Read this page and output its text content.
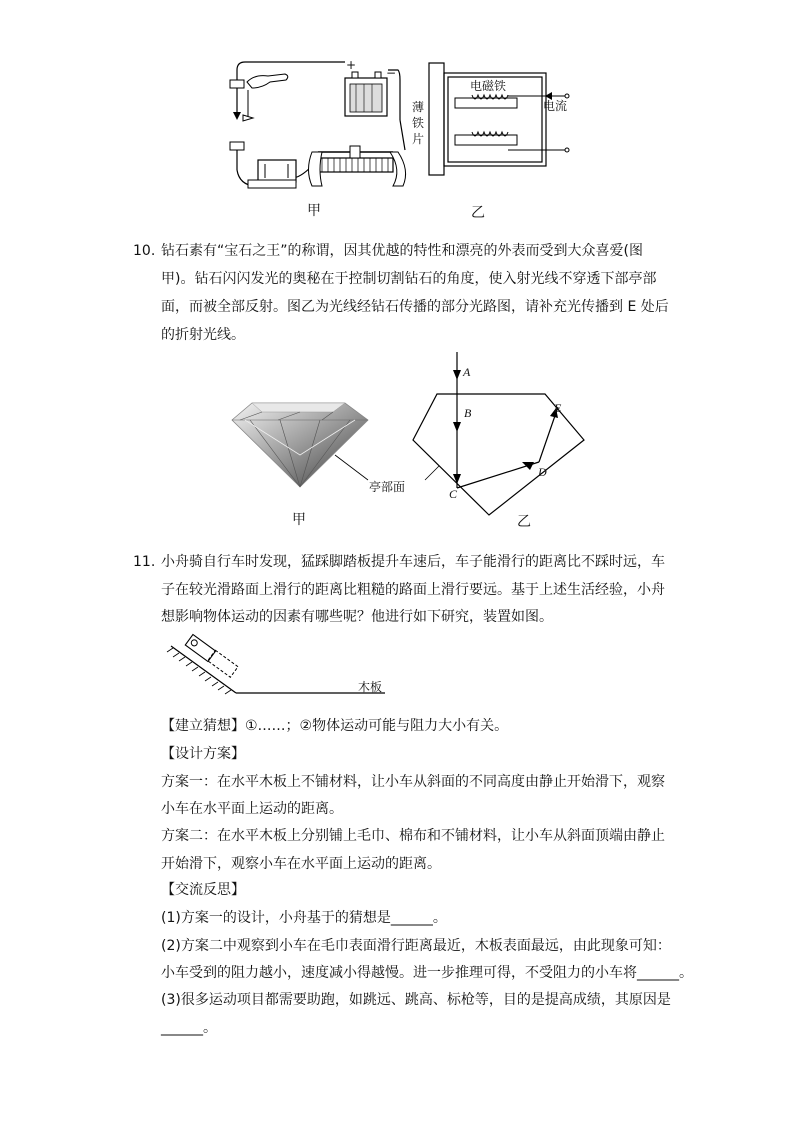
+
−
电磁铁
电流
薄
铁
片
甲	乙
10. 钻石素有“宝石之王”的称谓，因其优越的特性和漂亮的外表而受到大众喜爱(图
甲)。钻石闪闪发光的奥秘在于控制切割钻石的角度，使入射光线不穿透下部亭部
面，而被全部反射。图乙为光线经钻石传播的部分光路图，请补充光传播到 E 处后
的折射光线。
亭部面
甲
A
B
C
D
E
乙
11. 小舟骑自行车时发现，猛踩脚踏板提升车速后，车子能滑行的距离比不踩时远，车
子在较光滑路面上滑行的距离比粗糙的路面上滑行要远。基于上述生活经验，小舟
想影响物体运动的因素有哪些呢？他进行如下研究，装置如图。
木板
【建立猜想】①……；②物体运动可能与阻力大小有关。
【设计方案】
方案一：在水平木板上不铺材料，让小车从斜面的不同高度由静止开始滑下，观察
小车在水平面上运动的距离。
方案二：在水平木板上分别铺上毛巾、棉布和不铺材料，让小车从斜面顶端由静止
开始滑下，观察小车在水平面上运动的距离。
【交流反思】
(1)方案一的设计，小舟基于的猜想是______。
(2)方案二中观察到小车在毛巾表面滑行距离最近，木板表面最远，由此现象可知：
小车受到的阻力越小，速度减小得越慢。进一步推理可得，不受阻力的小车将______。
(3)很多运动项目都需要助跑，如跳远、跳高、标枪等，目的是提高成绩，其原因是
______。
